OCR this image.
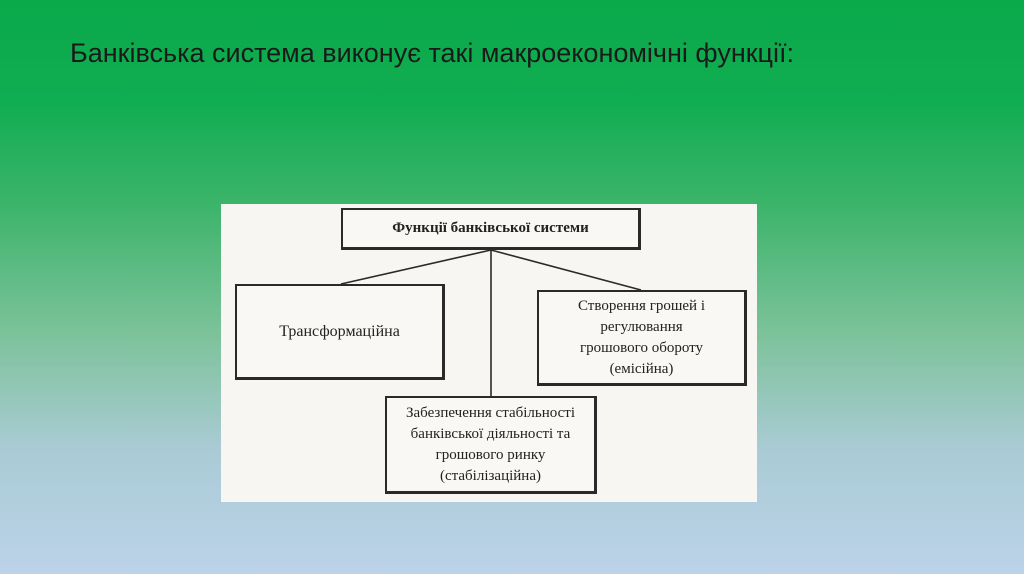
Банківська система виконує такі макроекономічні функції:
Функції банківської системи
Трансформаційна
Створення грошей і
регулювання
грошового обороту
(емісійна)
Забезпечення стабільності
банківської діяльності та
грошового ринку
(стабілізаційна)
